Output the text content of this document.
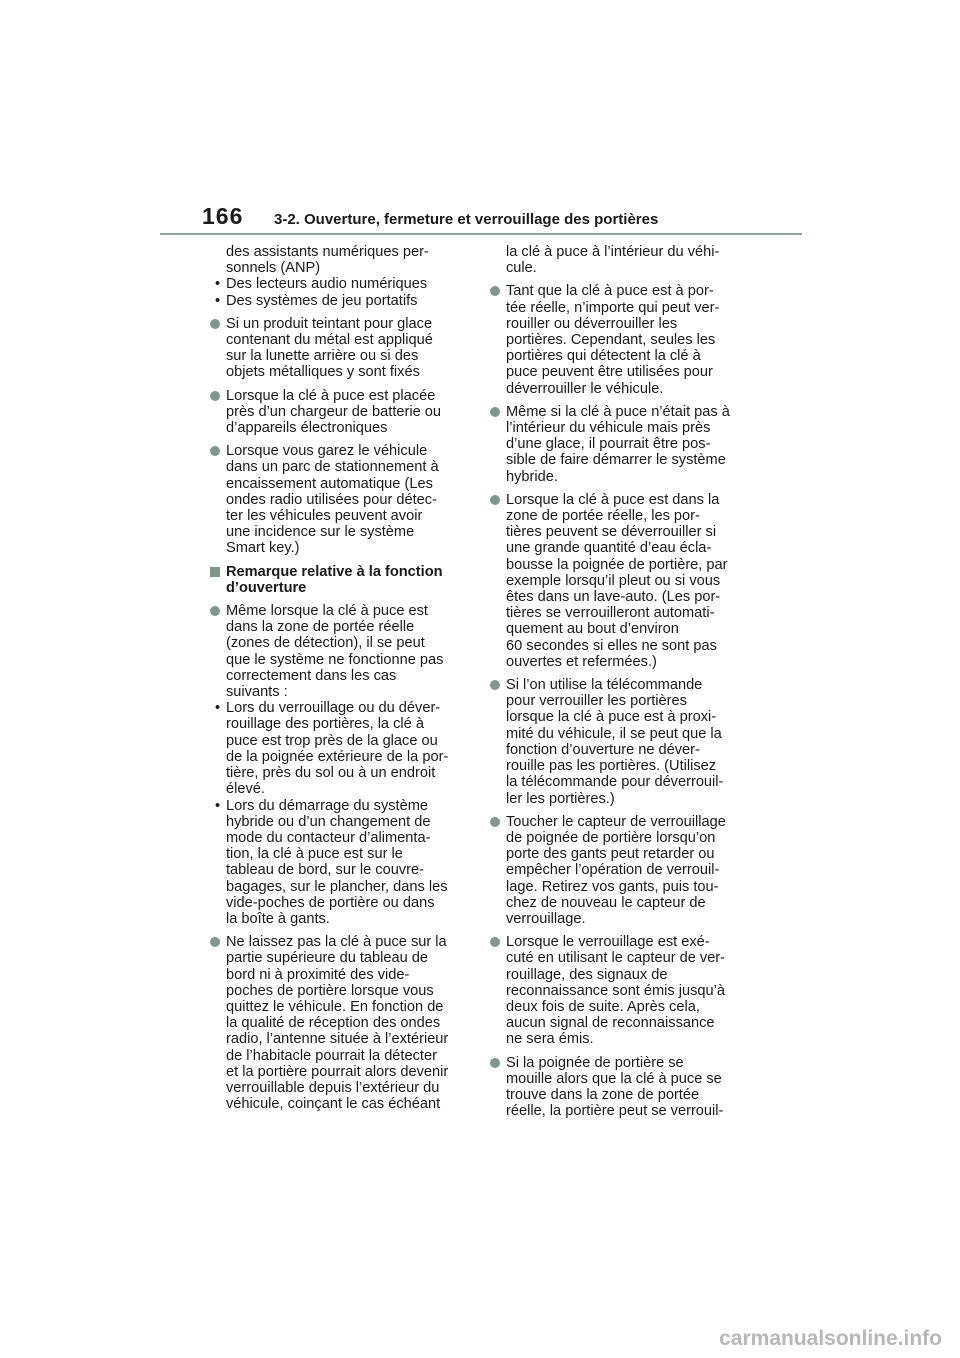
166 3-2. Ouverture, fermeture et verrouillage des portières
des assistants numériques per-
sonnels (ANP)
• Des lecteurs audio numériques
• Des systèmes de jeu portatifs
Si un produit teintant pour glace
contenant du métal est appliqué
sur la lunette arrière ou si des
objets métalliques y sont fixés
Lorsque la clé à puce est placée
près d’un chargeur de batterie ou
d’appareils électroniques
Lorsque vous garez le véhicule
dans un parc de stationnement à
encaissement automatique (Les
ondes radio utilisées pour détec-
ter les véhicules peuvent avoir
une incidence sur le système
Smart key.)
Remarque relative à la fonction
d’ouverture
Même lorsque la clé à puce est
dans la zone de portée réelle
(zones de détection), il se peut
que le système ne fonctionne pas
correctement dans les cas
suivants :
• Lors du verrouillage ou du déver-
rouillage des portières, la clé à
puce est trop près de la glace ou
de la poignée extérieure de la por-
tière, près du sol ou à un endroit
élevé.
• Lors du démarrage du système
hybride ou d’un changement de
mode du contacteur d’alimenta-
tion, la clé à puce est sur le
tableau de bord, sur le couvre-
bagages, sur le plancher, dans les
vide-poches de portière ou dans
la boîte à gants.
Ne laissez pas la clé à puce sur la
partie supérieure du tableau de
bord ni à proximité des vide-
poches de portière lorsque vous
quittez le véhicule. En fonction de
la qualité de réception des ondes
radio, l’antenne située à l’extérieur
de l’habitacle pourrait la détecter
et la portière pourrait alors devenir
verrouillable depuis l’extérieur du
véhicule, coinçant le cas échéant
la clé à puce à l’intérieur du véhi-
cule.
Tant que la clé à puce est à por-
tée réelle, n’importe qui peut ver-
rouiller ou déverrouiller les
portières. Cependant, seules les
portières qui détectent la clé à
puce peuvent être utilisées pour
déverrouiller le véhicule.
Même si la clé à puce n’était pas à
l’intérieur du véhicule mais près
d’une glace, il pourrait être pos-
sible de faire démarrer le système
hybride.
Lorsque la clé à puce est dans la
zone de portée réelle, les por-
tières peuvent se déverrouiller si
une grande quantité d’eau écla-
bousse la poignée de portière, par
exemple lorsqu’il pleut ou si vous
êtes dans un lave-auto. (Les por-
tières se verrouilleront automati-
quement au bout d’environ
60 secondes si elles ne sont pas
ouvertes et refermées.)
Si l’on utilise la télécommande
pour verrouiller les portières
lorsque la clé à puce est à proxi-
mité du véhicule, il se peut que la
fonction d’ouverture ne déver-
rouille pas les portières. (Utilisez
la télécommande pour déverrouil-
ler les portières.)
Toucher le capteur de verrouillage
de poignée de portière lorsqu’on
porte des gants peut retarder ou
empêcher l’opération de verrouil-
lage. Retirez vos gants, puis tou-
chez de nouveau le capteur de
verrouillage.
Lorsque le verrouillage est exé-
cuté en utilisant le capteur de ver-
rouillage, des signaux de
reconnaissance sont émis jusqu’à
deux fois de suite. Après cela,
aucun signal de reconnaissance
ne sera émis.
Si la poignée de portière se
mouille alors que la clé à puce se
trouve dans la zone de portée
réelle, la portière peut se verrouil-
carmanualsonline.info
